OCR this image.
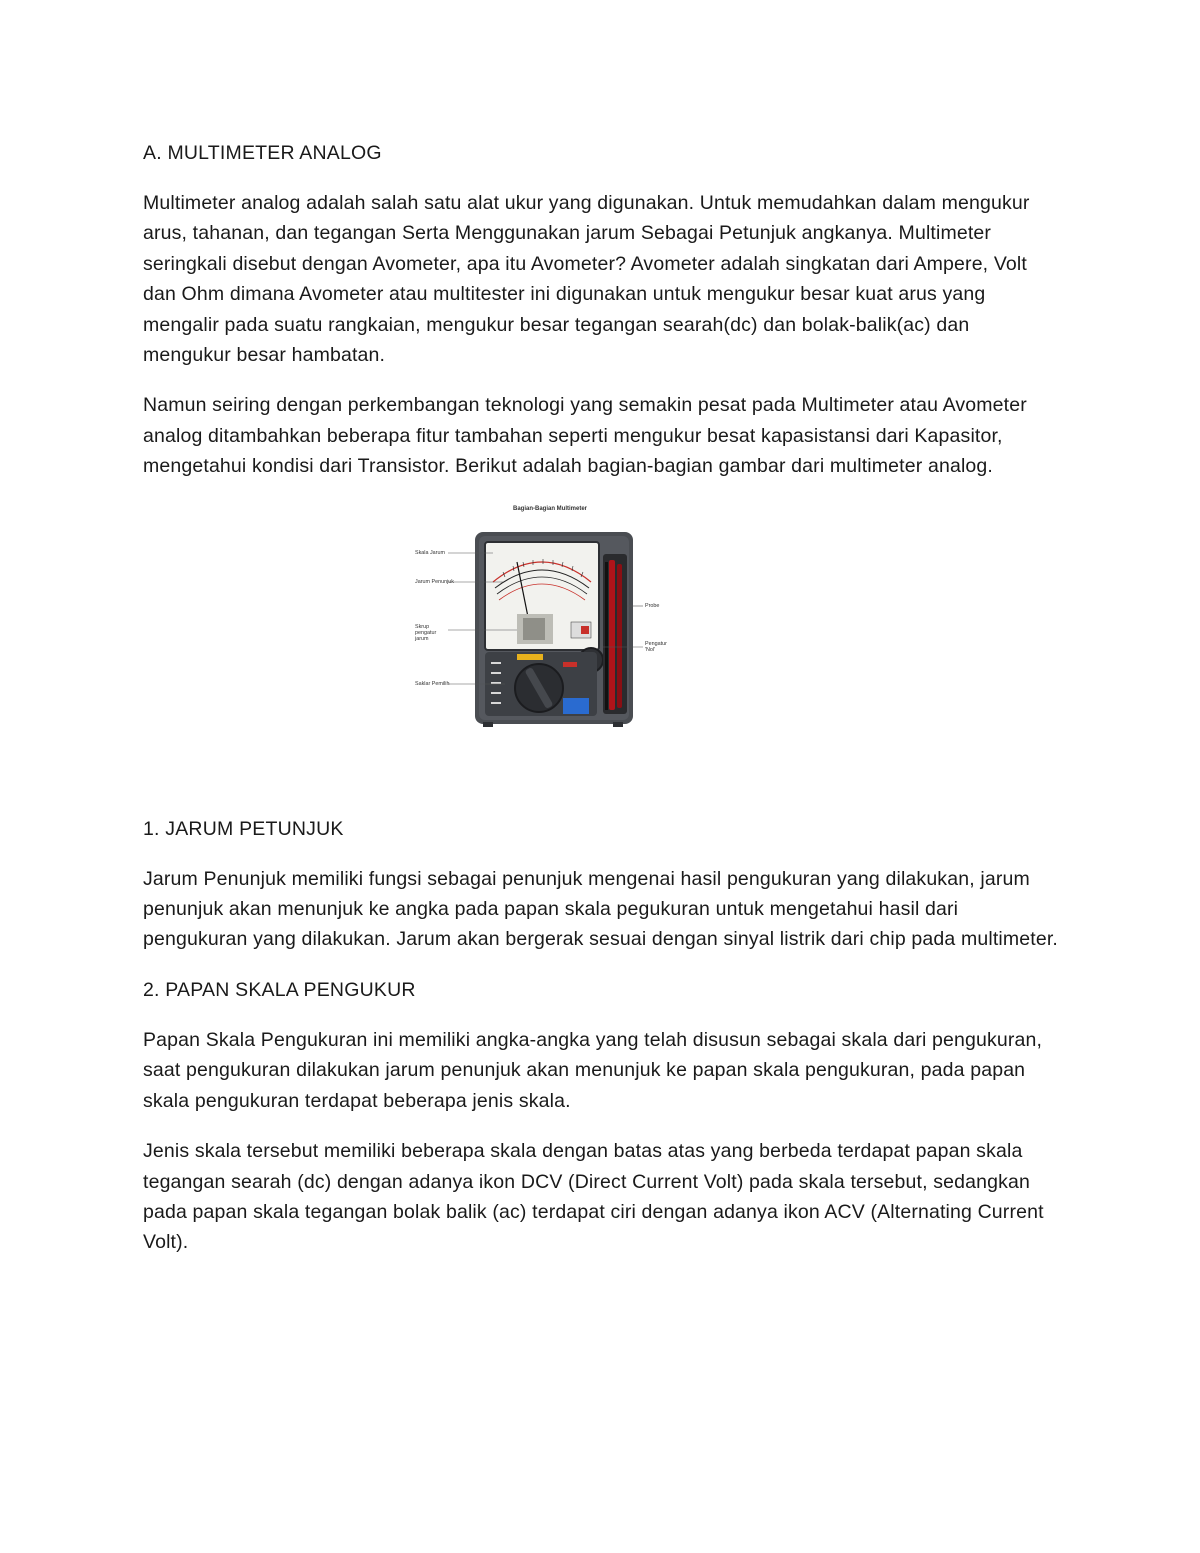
A. MULTIMETER ANALOG

Multimeter analog adalah salah satu alat ukur yang digunakan. Untuk memudahkan dalam mengukur arus, tahanan, dan tegangan Serta Menggunakan jarum Sebagai Petunjuk angkanya. Multimeter seringkali disebut dengan Avometer, apa itu Avometer? Avometer adalah singkatan dari Ampere, Volt dan Ohm dimana Avometer atau multitester ini digunakan untuk mengukur besar kuat arus yang mengalir pada suatu rangkaian, mengukur besar tegangan searah(dc) dan bolak-balik(ac) dan mengukur besar hambatan.

Namun seiring dengan perkembangan teknologi yang semakin pesat pada Multimeter atau Avometer analog ditambahkan beberapa fitur tambahan seperti mengukur besat kapasistansi dari Kapasitor, mengetahui kondisi dari Transistor. Berikut adalah bagian-bagian gambar dari multimeter analog.

Bagian-Bagian Multimeter
Skala Jarum
Jarum Penunjuk
Skrup pengatur jarum
Saklar Pemilih
Probe
Pengatur 'Nol'

1. JARUM PETUNJUK

Jarum Penunjuk memiliki fungsi sebagai penunjuk mengenai hasil pengukuran yang dilakukan, jarum penunjuk akan menunjuk ke angka pada papan skala pegukuran untuk mengetahui hasil dari pengukuran yang dilakukan. Jarum akan bergerak sesuai dengan sinyal listrik dari chip pada multimeter.

2. PAPAN SKALA PENGUKUR

Papan Skala Pengukuran ini memiliki angka-angka yang telah disusun sebagai skala dari pengukuran, saat pengukuran dilakukan jarum penunjuk akan menunjuk ke papan skala pengukuran, pada papan skala pengukuran terdapat beberapa jenis skala.

Jenis skala tersebut memiliki beberapa skala dengan batas atas yang berbeda terdapat papan skala tegangan searah (dc) dengan adanya ikon DCV (Direct Current Volt) pada skala tersebut, sedangkan pada papan skala tegangan bolak balik (ac) terdapat ciri dengan adanya ikon ACV (Alternating Current Volt).
